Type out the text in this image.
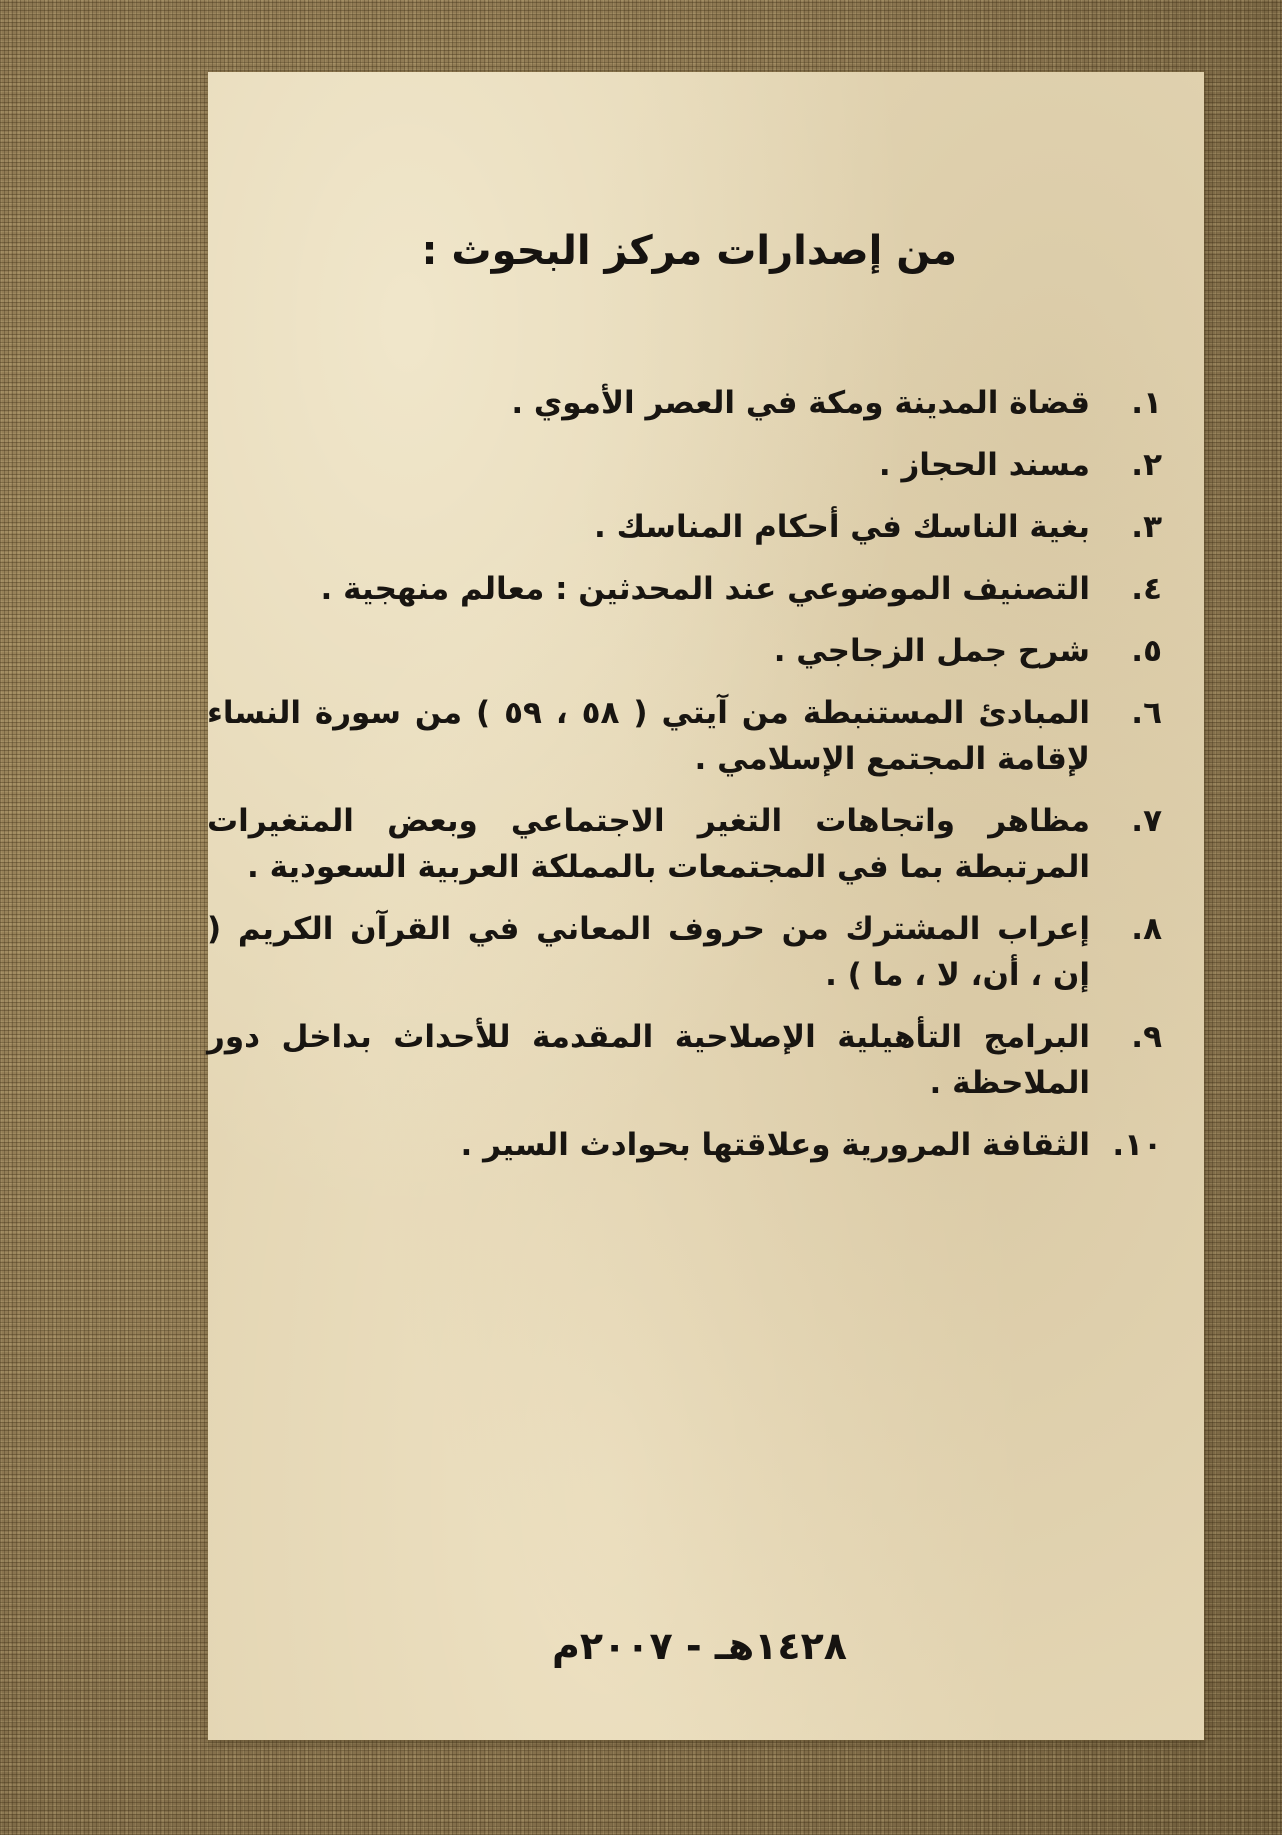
من إصدارات مركز البحوث :
١.
قضاة المدينة ومكة في العصر الأموي .
٢.
مسند الحجاز .
٣.
بغية الناسك في أحكام المناسك .
٤.
التصنيف الموضوعي عند المحدثين : معالم منهجية .
٥.
شرح جمل الزجاجي .
٦.
المبادئ المستنبطة من آيتي ( ٥٨ ، ٥٩ ) من سورة النساء لإقامة المجتمع الإسلامي .
٧.
مظاهر واتجاهات التغير الاجتماعي وبعض المتغيرات المرتبطة بما في المجتمعات بالمملكة العربية السعودية .
٨.
إعراب المشترك من حروف المعاني في القرآن الكريم ( إن ، أن، لا ، ما ) .
٩.
البرامج التأهيلية الإصلاحية المقدمة للأحداث بداخل دور الملاحظة .
١٠.
الثقافة المرورية وعلاقتها بحوادث السير .

١٤٢٨هـ - ٢٠٠٧م
